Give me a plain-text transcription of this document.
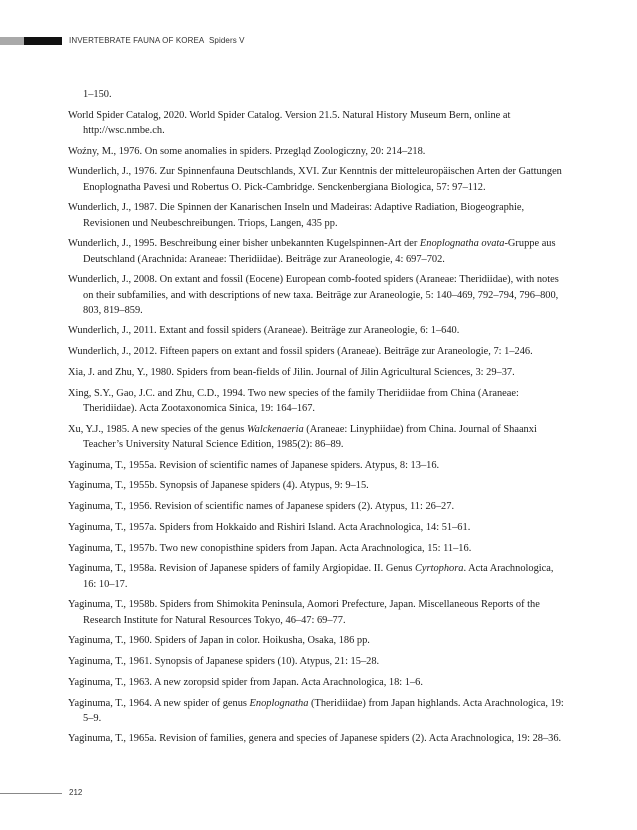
INVERTEBRATE FAUNA OF KOREA Spiders V

1–150.

World Spider Catalog, 2020. World Spider Catalog. Version 21.5. Natural History Museum Bern, online at http://wsc.nmbe.ch.

Woźny, M., 1976. On some anomalies in spiders. Przegląd Zoologiczny, 20: 214–218.

Wunderlich, J., 1976. Zur Spinnenfauna Deutschlands, XVI. Zur Kenntnis der mitteleuropäischen Arten der Gattungen Enoplognatha Pavesi und Robertus O. Pick-Cambridge. Senckenbergiana Biologica, 57: 97–112.

Wunderlich, J., 1987. Die Spinnen der Kanarischen Inseln und Madeiras: Adaptive Radiation, Biogeographie, Revisionen und Neubeschreibungen. Triops, Langen, 435 pp.

Wunderlich, J., 1995. Beschreibung einer bisher unbekannten Kugelspinnen-Art der Enoplognatha ovata-Gruppe aus Deutschland (Arachnida: Araneae: Theridiidae). Beiträge zur Araneologie, 4: 697–702.

Wunderlich, J., 2008. On extant and fossil (Eocene) European comb-footed spiders (Araneae: Theridiidae), with notes on their subfamilies, and with descriptions of new taxa. Beiträge zur Araneologie, 5: 140–469, 792–794, 796–800, 803, 819–859.

Wunderlich, J., 2011. Extant and fossil spiders (Araneae). Beiträge zur Araneologie, 6: 1–640.

Wunderlich, J., 2012. Fifteen papers on extant and fossil spiders (Araneae). Beiträge zur Araneologie, 7: 1–246.

Xia, J. and Zhu, Y., 1980. Spiders from bean-fields of Jilin. Journal of Jilin Agricultural Sciences, 3: 29–37.

Xing, S.Y., Gao, J.C. and Zhu, C.D., 1994. Two new species of the family Theridiidae from China (Araneae: Theridiidae). Acta Zootaxonomica Sinica, 19: 164–167.

Xu, Y.J., 1985. A new species of the genus Walckenaeria (Araneae: Linyphiidae) from China. Journal of Shaanxi Teacher’s University Natural Science Edition, 1985(2): 86–89.

Yaginuma, T., 1955a. Revision of scientific names of Japanese spiders. Atypus, 8: 13–16.

Yaginuma, T., 1955b. Synopsis of Japanese spiders (4). Atypus, 9: 9–15.

Yaginuma, T., 1956. Revision of scientific names of Japanese spiders (2). Atypus, 11: 26–27.

Yaginuma, T., 1957a. Spiders from Hokkaido and Rishiri Island. Acta Arachnologica, 14: 51–61.

Yaginuma, T., 1957b. Two new conopisthine spiders from Japan. Acta Arachnologica, 15: 11–16.

Yaginuma, T., 1958a. Revision of Japanese spiders of family Argiopidae. II. Genus Cyrtophora. Acta Arachnologica, 16: 10–17.

Yaginuma, T., 1958b. Spiders from Shimokita Peninsula, Aomori Prefecture, Japan. Miscellaneous Reports of the Research Institute for Natural Resources Tokyo, 46–47: 69–77.

Yaginuma, T., 1960. Spiders of Japan in color. Hoikusha, Osaka, 186 pp.

Yaginuma, T., 1961. Synopsis of Japanese spiders (10). Atypus, 21: 15–28.

Yaginuma, T., 1963. A new zoropsid spider from Japan. Acta Arachnologica, 18: 1–6.

Yaginuma, T., 1964. A new spider of genus Enoplognatha (Theridiidae) from Japan highlands. Acta Arachnologica, 19: 5–9.

Yaginuma, T., 1965a. Revision of families, genera and species of Japanese spiders (2). Acta Arachnologica, 19: 28–36.

212
